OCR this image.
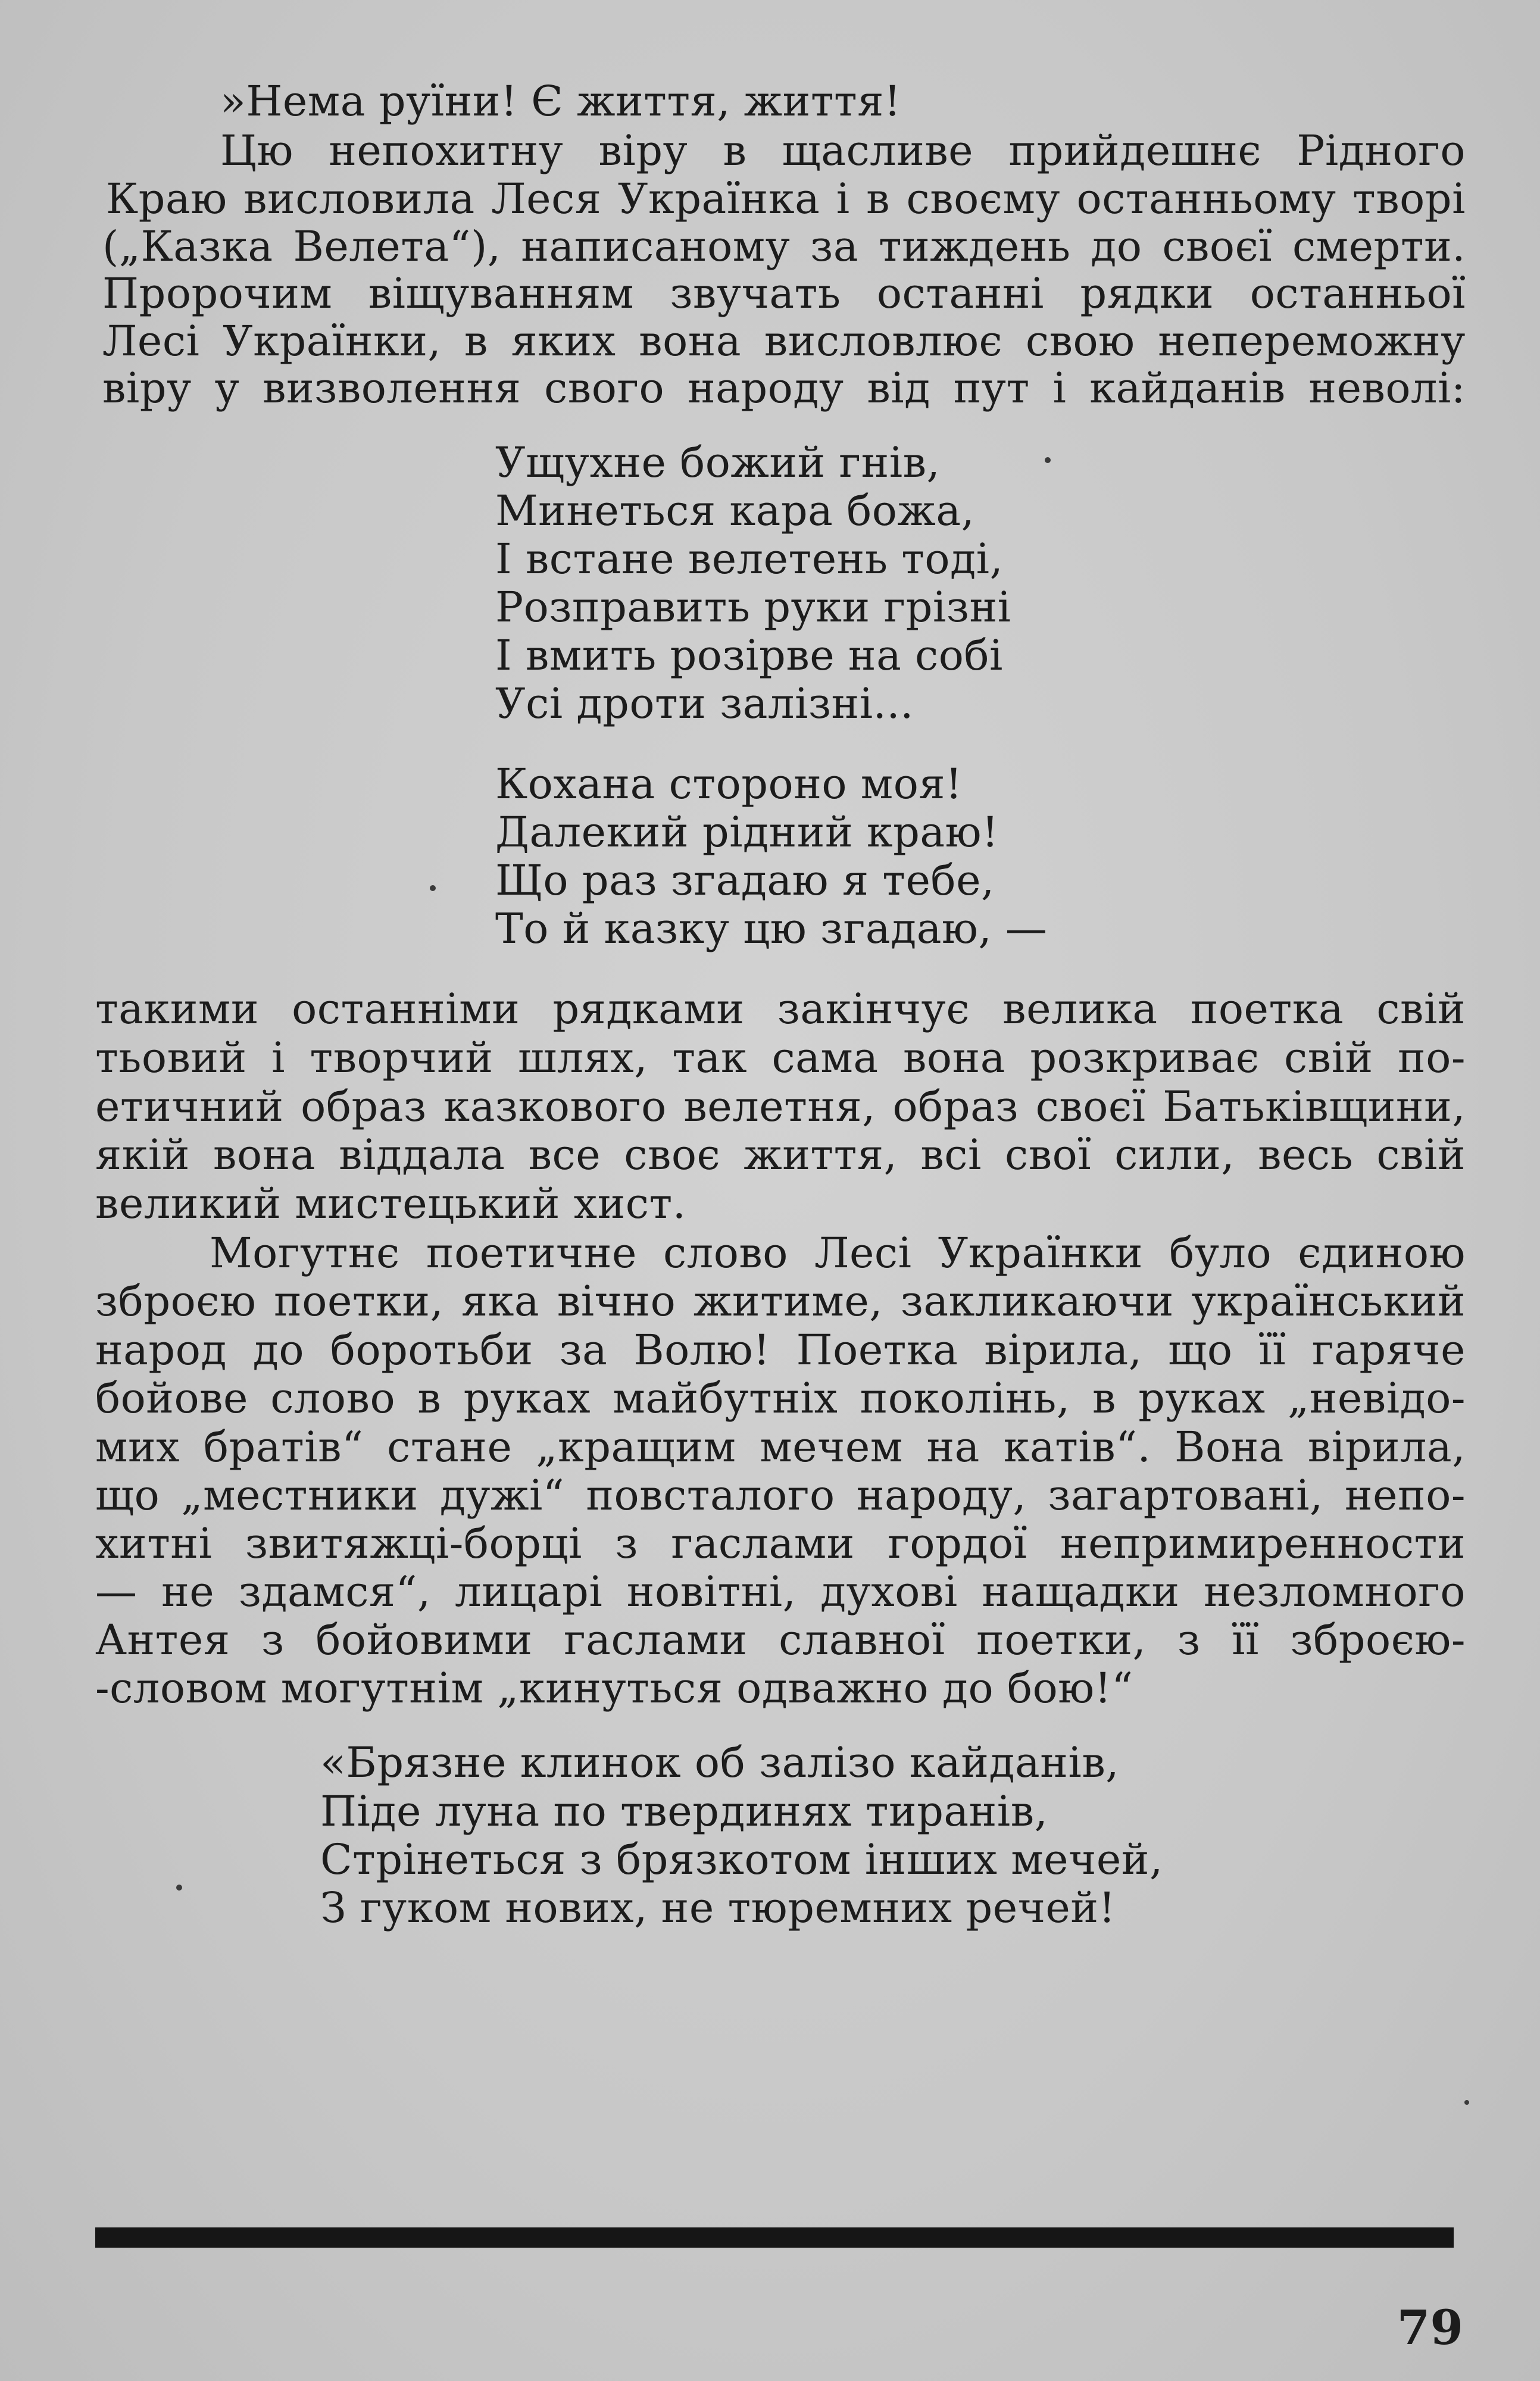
»Нема руїни! Є життя, життя!
Цю непохитну віру в щасливе прийдешнє Рідного
Краю висловила Леся Українка і в своєму останньому творі
(„Казка Велета“), написаному за тиждень до своєї смерти.
Пророчим віщуванням звучать останні рядки останньої
Лесі Українки, в яких вона висловлює свою непереможну
віру у визволення свого народу від пут і кайданів неволі:
Ущухне божий гнів,
Минеться кара божа,
І встане велетень тоді,
Розправить руки грізні
І вмить розірве на собі
Усі дроти залізні...
Кохана стороно моя!
Далекий рідний краю!
Що раз згадаю я тебе,
То й казку цю згадаю, —
такими останніми рядками закінчує велика поетка свій
тьовий і творчий шлях, так сама вона розкриває свій по-
етичний образ казкового велетня, образ своєї Батьківщини,
якій вона віддала все своє життя, всі свої сили, весь свій
великий мистецький хист.
Могутнє поетичне слово Лесі Українки було єдиною
зброєю поетки, яка вічно житиме, закликаючи український
народ до боротьби за Волю! Поетка вірила, що її гаряче
бойове слово в руках майбутніх поколінь, в руках „невідо-
мих братів“ стане „кращим мечем на катів“. Вона вірила,
що „местники дужі“ повсталого народу, загартовані, непо-
хитні звитяжці-борці з гаслами гордої непримиренности
— не здамся“, лицарі новітні, духові нащадки незломного
Антея з бойовими гаслами славної поетки, з її зброєю-
-словом могутнім „кинуться одважно до бою!“
«Брязне клинок об залізо кайданів,
Піде луна по твердинях тиранів,
Стрінеться з брязкотом інших мечей,
З гуком нових, не тюремних речей!
79
